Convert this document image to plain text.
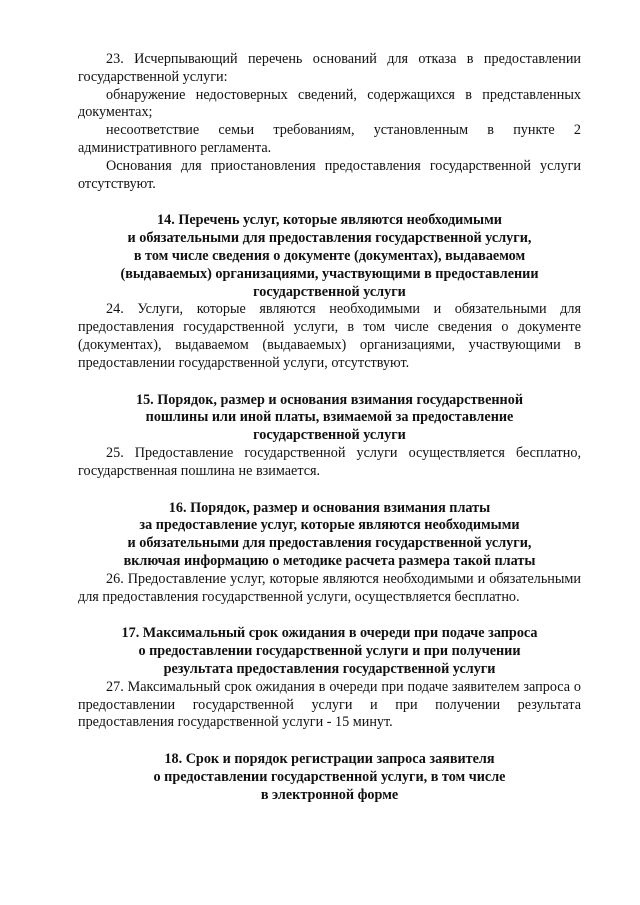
23. Исчерпывающий перечень оснований для отказа в предоставлении государственной услуги:

обнаружение недостоверных сведений, содержащихся в представленных документах;

несоответствие семьи требованиям, установленным в пункте 2 административного регламента.

Основания для приостановления предоставления государственной услуги отсутствуют.

14. Перечень услуг, которые являются необходимыми
и обязательными для предоставления государственной услуги,
в том числе сведения о документе (документах), выдаваемом
(выдаваемых) организациями, участвующими в предоставлении
государственной услуги

24. Услуги, которые являются необходимыми и обязательными для предоставления государственной услуги, в том числе сведения о документе (документах), выдаваемом (выдаваемых) организациями, участвующими в предоставлении государственной услуги, отсутствуют.

15. Порядок, размер и основания взимания государственной
пошлины или иной платы, взимаемой за предоставление
государственной услуги

25. Предоставление государственной услуги осуществляется бесплатно, государственная пошлина не взимается.

16. Порядок, размер и основания взимания платы
за предоставление услуг, которые являются необходимыми
и обязательными для предоставления государственной услуги,
включая информацию о методике расчета размера такой платы

26. Предоставление услуг, которые являются необходимыми и обязательными для предоставления государственной услуги, осуществляется бесплатно.

17. Максимальный срок ожидания в очереди при подаче запроса
о предоставлении государственной услуги и при получении
результата предоставления государственной услуги

27. Максимальный срок ожидания в очереди при подаче заявителем запроса о предоставлении государственной услуги и при получении результата предоставления государственной услуги - 15 минут.

18. Срок и порядок регистрации запроса заявителя
о предоставлении государственной услуги, в том числе
в электронной форме
